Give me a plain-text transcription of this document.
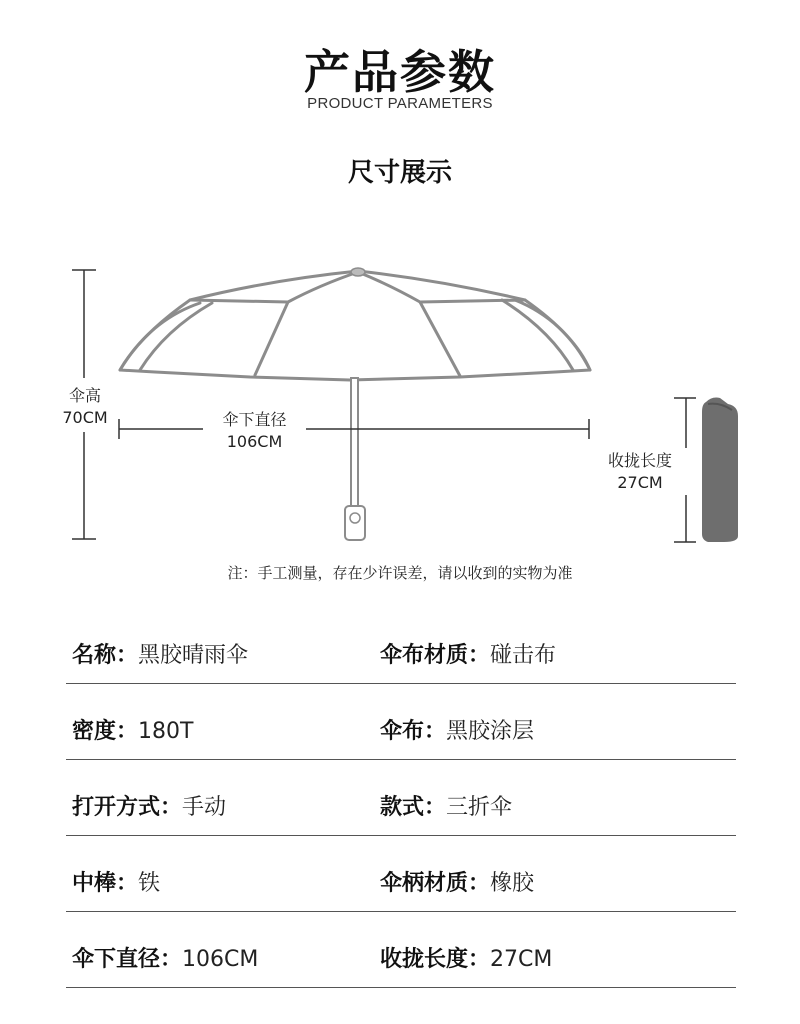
产品参数
PRODUCT PARAMETERS
尺寸展示
伞高
70CM	伞下直径
106CM
收拢长度
27CM
注：手工测量，存在少许误差，请以收到的实物为准
名称：黑胶晴雨伞	伞布材质：碰击布
密度：180T	伞布：黑胶涂层
打开方式：手动	款式：三折伞
中棒：铁	伞柄材质：橡胶
伞下直径：106CM	收拢长度：27CM
